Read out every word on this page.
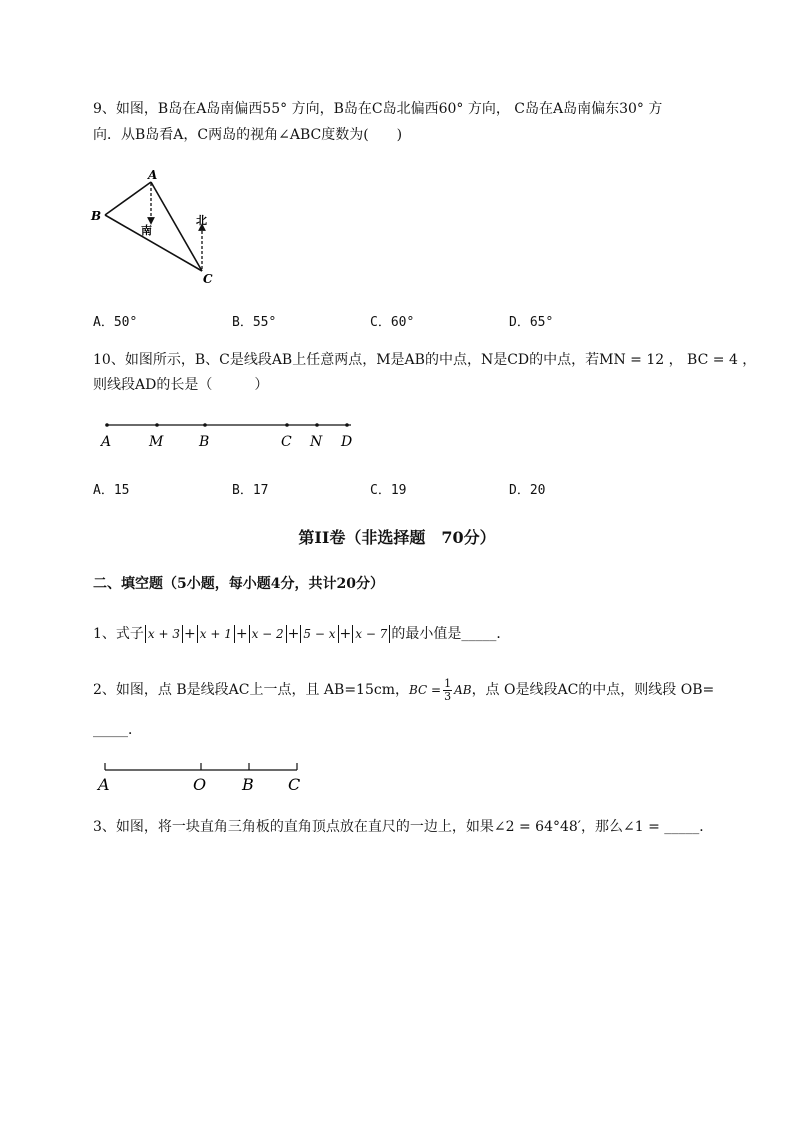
9、如图，B岛在A岛南偏西55° 方向，B岛在C岛北偏西60° 方向， C岛在A岛南偏东30° 方
向．从B岛看A，C两岛的视角∠ABC度数为(　　)
A
B
C
南
北
A．50°	B．55°	C．60°	D．65°
10、如图所示，B、C是线段AB上任意两点，M是AB的中点，N是CD的中点，若MN = 12 ， BC = 4 ，
则线段AD的长是（　　　）
A	M	B	C N D
A．15	B．17	C．19	D．20
第II卷（非选择题　70分）
二、填空题（5小题，每小题4分，共计20分）
1、式子 x + 3 + x + 1 + x − 2 + 5 − x + x − 7 的最小值是_____．
2、如图，点 B是线段AC上一点，且 AB=15cm，BC = $\frac{1}{3}$ AB，点 O是线段AC的中点，则线段 OB=
_____．
A	O B C
3、如图，将一块直角三角板的直角顶点放在直尺的一边上，如果∠2 = 64°48′，那么∠1 = _____．
